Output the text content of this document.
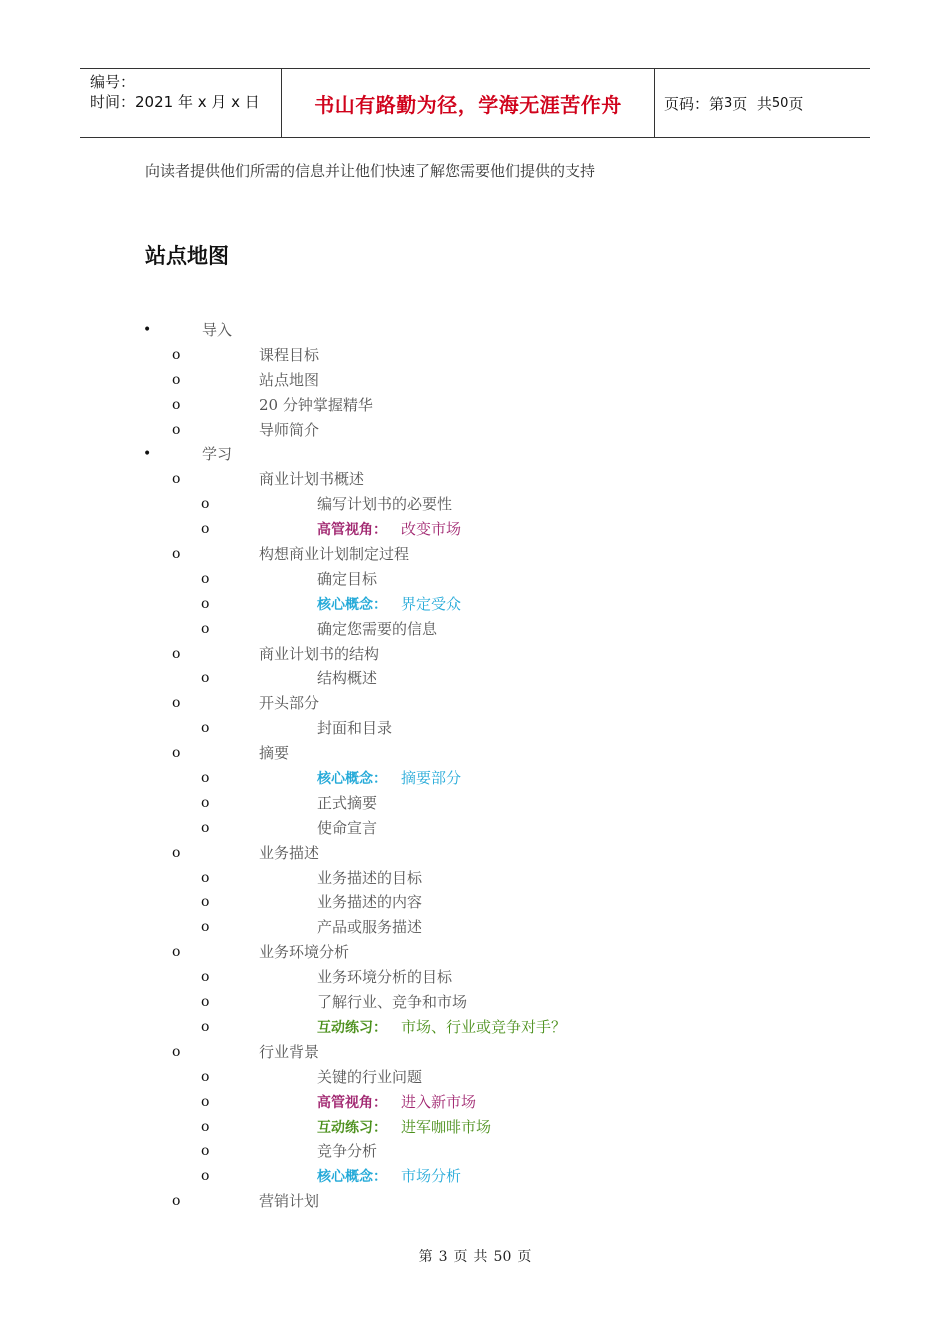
编号：
时间：2021 年 x 月 x 日	书山有路勤为径，学海无涯苦作舟	页码：第 3 页  共 50 页
向读者提供他们所需的信息并让他们快速了解您需要他们提供的支持
站点地图
•	导入
o	课程目标
o	站点地图
o	20 分钟掌握精华
o	导师简介
•	学习
o	商业计划书概述
o	编写计划书的必要性
o	高管视角： 改变市场
o	构想商业计划制定过程
o	确定目标
o	核心概念： 界定受众
o	确定您需要的信息
o	商业计划书的结构
o	结构概述
o	开头部分
o	封面和目录
o	摘要
o	核心概念： 摘要部分
o	正式摘要
o	使命宣言
o	业务描述
o	业务描述的目标
o	业务描述的内容
o	产品或服务描述
o	业务环境分析
o	业务环境分析的目标
o	了解行业、竞争和市场
o	互动练习： 市场、行业或竞争对手？
o	行业背景
o	关键的行业问题
o	高管视角： 进入新市场
o	互动练习： 进军咖啡市场
o	竞争分析
o	核心概念： 市场分析
o	营销计划
第 3 页 共 50 页
